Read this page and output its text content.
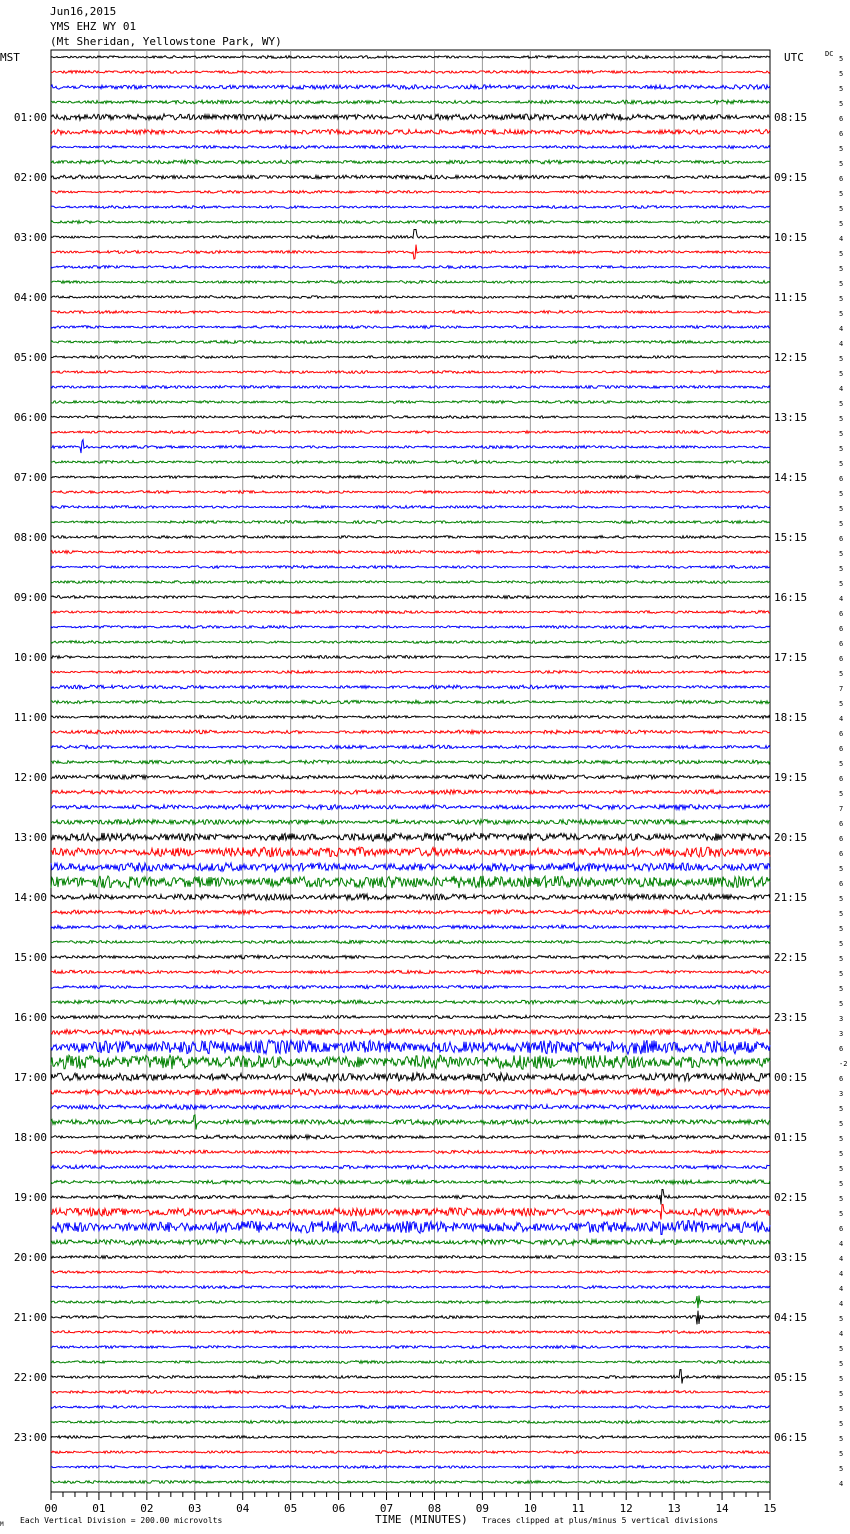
Jun16,2015
YMS EHZ WY 01
(Mt Sheridan, Yellowstone Park, WY)
MST	UTC	DC
01:00
02:00
03:00
04:00
05:00
06:00
07:00
08:00
09:00
10:00
11:00
12:00
13:00
14:00
15:00
16:00
17:00
18:00
19:00
20:00
21:00
22:00
23:00
08:15
09:15
10:15
11:15
12:15
13:15
14:15
15:15
16:15
17:15
18:15
19:15
20:15
21:15
22:15
23:15
00:15
01:15
02:15
03:15
04:15
05:15
06:15
5
5
5
5
6
6
5
5
6
5
5
5
4
5
5
5
5
5
4
4
5
5
4
5
5
5
5
5
6
5
5
5
6
5
5
5
4
6
6
6
6
5
7
5
4
6
6
5
6
5
7
6
6
6
5
6
5
5
5
5
5
5
5
5
3
3
6
-2
6
3
5
5
5
5
5
5
5
5
6
4
4
4
4
4
5
4
5
5
5
5
5
5
5
5
5
4
00	01	02	03	04	05	06	07	08	09	10	11	12	13	14	15
M Each Vertical Division = 200.00 microvolts	TIME (MINUTES) Traces clipped at plus/minus 5 vertical divisions
